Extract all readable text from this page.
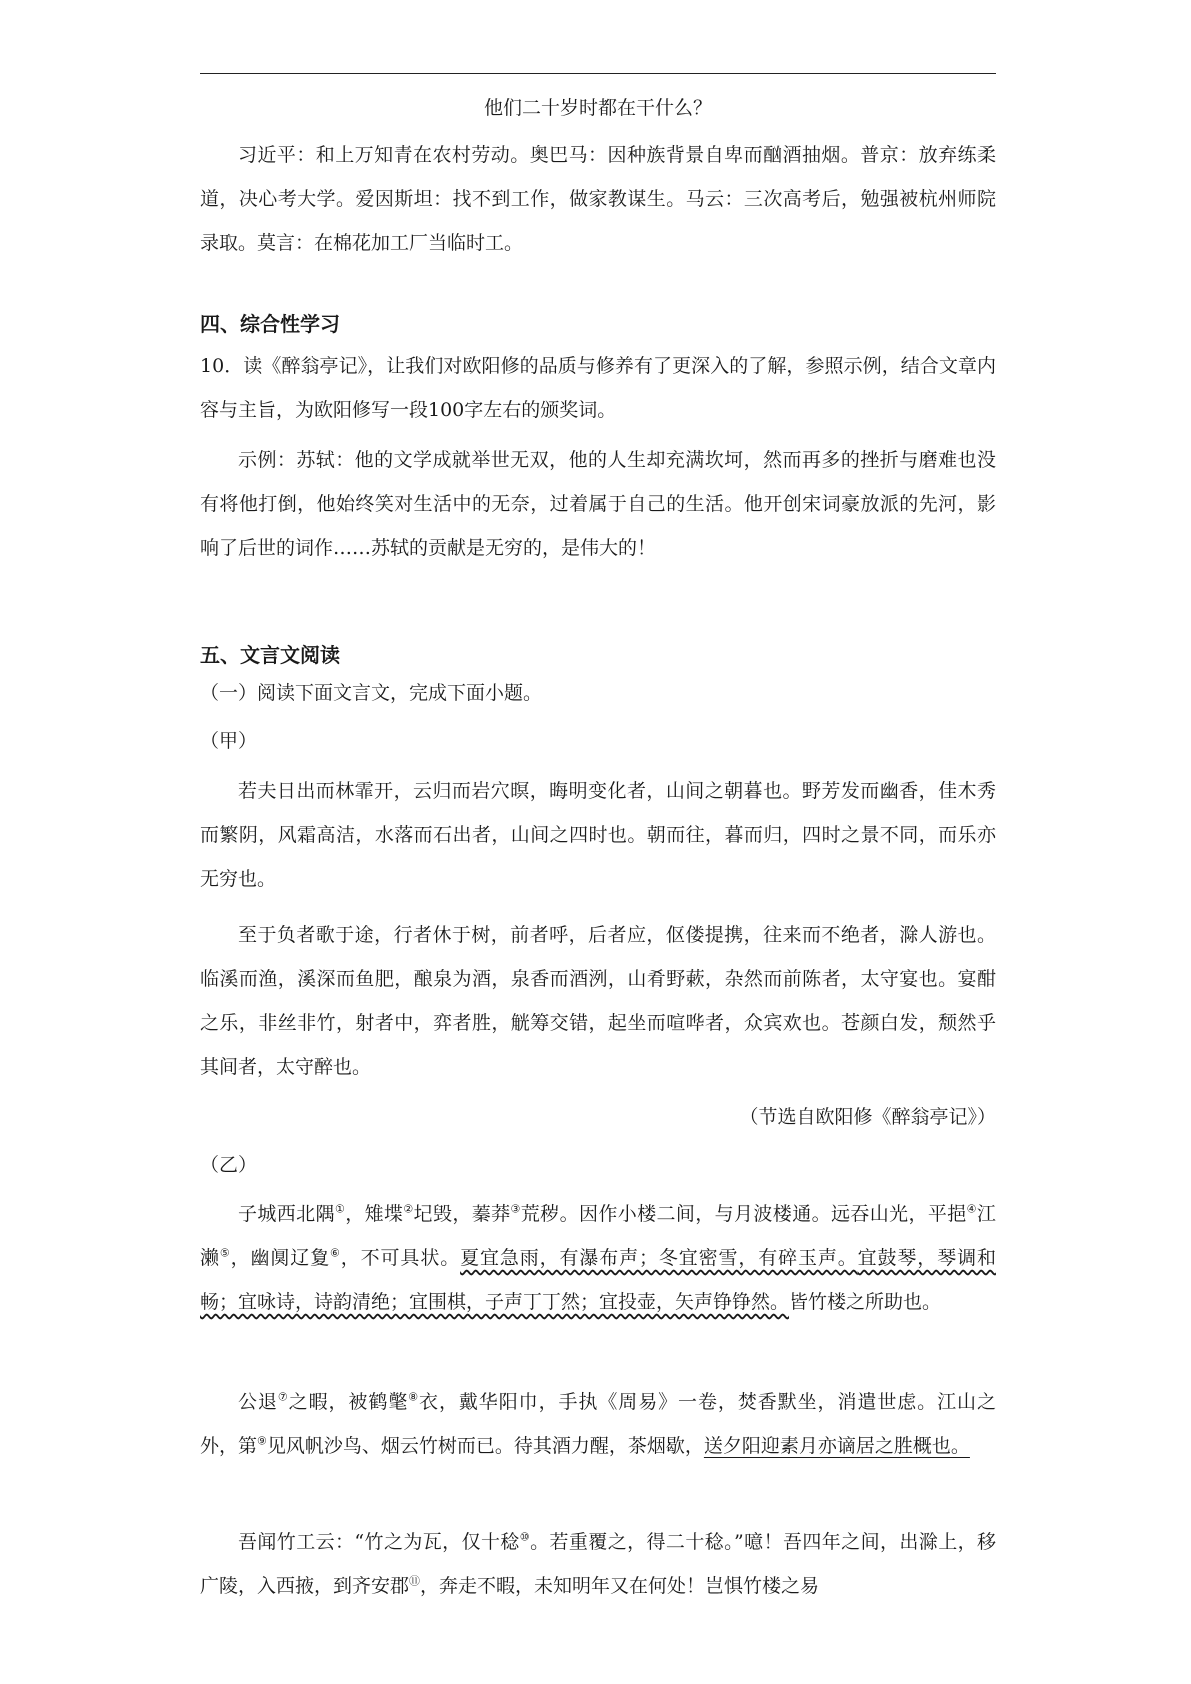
他们二十岁时都在干什么？
习近平：和上万知青在农村劳动。奥巴马：因种族背景自卑而酗酒抽烟。普京：放弃练柔道，决心考大学。爱因斯坦：找不到工作，做家教谋生。马云：三次高考后，勉强被杭州师院录取。莫言：在棉花加工厂当临时工。
四、综合性学习
10．读《醉翁亭记》，让我们对欧阳修的品质与修养有了更深入的了解，参照示例，结合文章内容与主旨，为欧阳修写一段100字左右的颁奖词。
示例：苏轼：他的文学成就举世无双，他的人生却充满坎坷，然而再多的挫折与磨难也没有将他打倒，他始终笑对生活中的无奈，过着属于自己的生活。他开创宋词豪放派的先河，影响了后世的词作……苏轼的贡献是无穷的，是伟大的！
五、文言文阅读
（一）阅读下面文言文，完成下面小题。
（甲）
若夫日出而林霏开，云归而岩穴暝，晦明变化者，山间之朝暮也。野芳发而幽香，佳木秀而繁阴，风霜高洁，水落而石出者，山间之四时也。朝而往，暮而归，四时之景不同，而乐亦无穷也。
至于负者歌于途，行者休于树，前者呼，后者应，伛偻提携，往来而不绝者，滁人游也。临溪而渔，溪深而鱼肥，酿泉为酒，泉香而酒洌，山肴野蔌，杂然而前陈者，太守宴也。宴酣之乐，非丝非竹，射者中，弈者胜，觥筹交错，起坐而喧哗者，众宾欢也。苍颜白发，颓然乎其间者，太守醉也。
（节选自欧阳修《醉翁亭记》）
（乙）
子城西北隅①，雉堞②圮毁，蓁莽③荒秽。因作小楼二间，与月波楼通。远吞山光，平挹④江濑⑤，幽阒辽夐⑥，不可具状。夏宜急雨，有瀑布声；冬宜密雪，有碎玉声。宜鼓琴，琴调和畅；宜咏诗，诗韵清绝；宜围棋，子声丁丁然；宜投壶，矢声铮铮然。皆竹楼之所助也。
公退⑦之暇，被鹤氅⑧衣，戴华阳巾，手执《周易》一卷，焚香默坐，消遣世虑。江山之外，第⑨见风帆沙鸟、烟云竹树而已。待其酒力醒，茶烟歇，送夕阳迎素月亦谪居之胜概也。
吾闻竹工云：“竹之为瓦，仅十稔⑩。若重覆之，得二十稔。”噫！吾四年之间，出滁上，移广陵，入西掖，到齐安郡⑪，奔走不暇，未知明年又在何处！岂惧竹楼之易
